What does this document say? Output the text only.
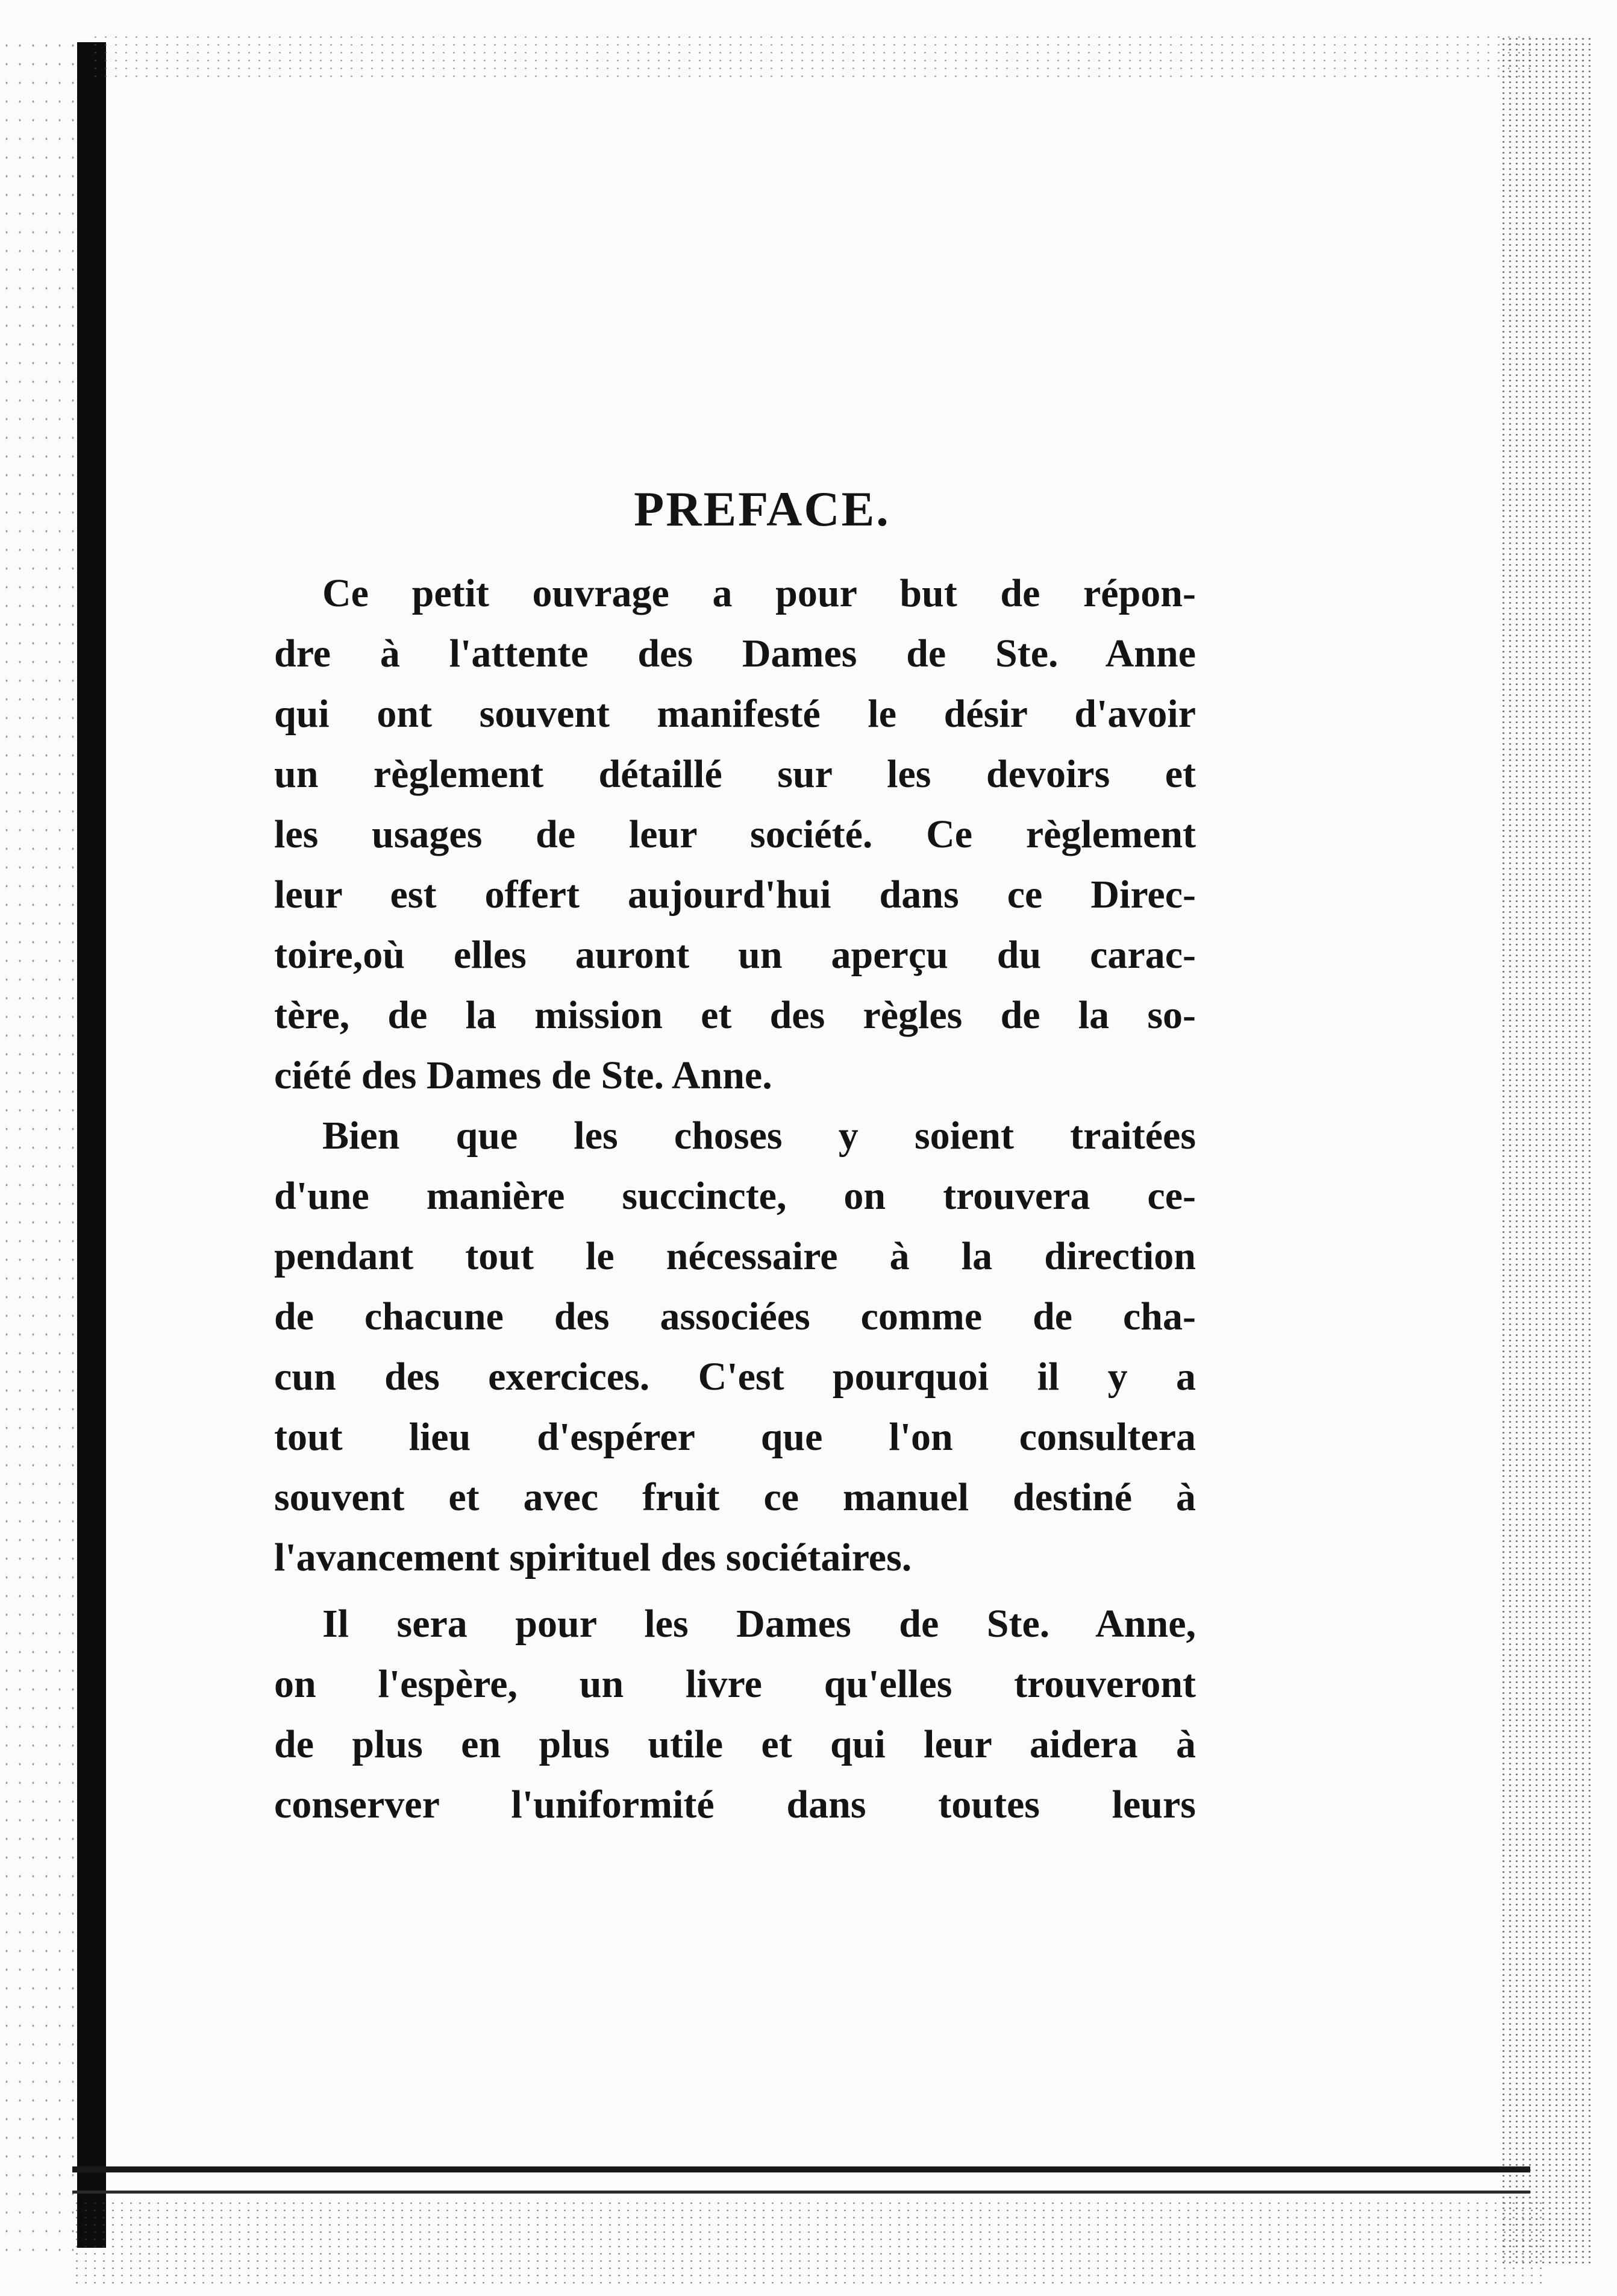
PREFACE.
Ce petit ouvrage a pour but de répon-
dre à l'attente des Dames de Ste. Anne
qui ont souvent manifesté le désir d'avoir
un règlement détaillé sur les devoirs et
les usages de leur société. Ce règlement
leur est offert aujourd'hui dans ce Direc-
toire,où elles auront un aperçu du carac-
tère, de la mission et des règles de la so-
ciété des Dames de Ste. Anne.
Bien que les choses y soient traitées
d'une manière succincte, on trouvera ce-
pendant tout le nécessaire à la direction
de chacune des associées comme de cha-
cun des exercices. C'est pourquoi il y a
tout lieu d'espérer que l'on consultera
souvent et avec fruit ce manuel destiné à
l'avancement spirituel des sociétaires.
Il sera pour les Dames de Ste. Anne,
on l'espère, un livre qu'elles trouveront
de plus en plus utile et qui leur aidera à
conserver l'uniformité dans toutes leurs
